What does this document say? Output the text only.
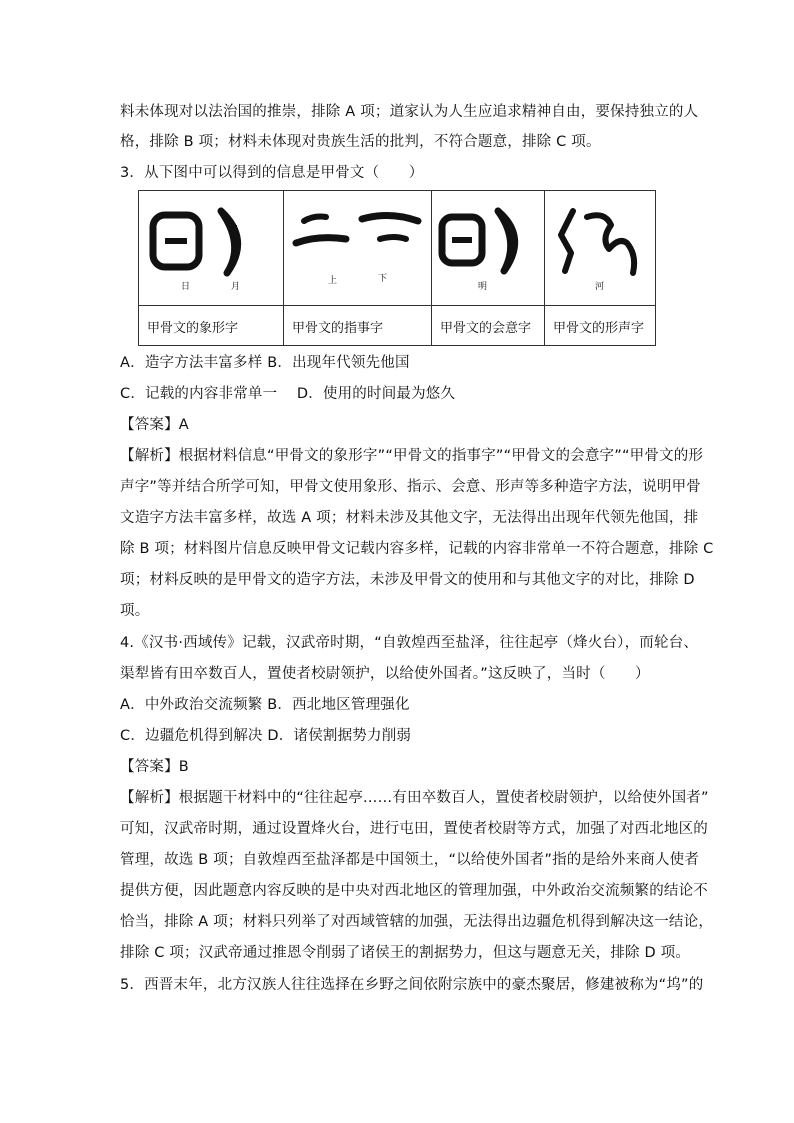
料未体现对以法治国的推崇，排除 A 项；道家认为人生应追求精神自由，要保持独立的人
格，排除 B 项；材料未体现对贵族生活的批判，不符合题意，排除 C 项。
3．从下图中可以得到的信息是甲骨文（　　）
日	月
甲骨文的象形字
上	下
甲骨文的指事字
明
甲骨文的会意字
河
甲骨文的形声字
A．造字方法丰富多样 B．出现年代领先他国
C．记载的内容非常单一　 D．使用的时间最为悠久
【答案】A
【解析】根据材料信息“甲骨文的象形字”“甲骨文的指事字”“甲骨文的会意字”“甲骨文的形
声字”等并结合所学可知，甲骨文使用象形、指示、会意、形声等多种造字方法，说明甲骨
文造字方法丰富多样，故选 A 项；材料未涉及其他文字，无法得出出现年代领先他国，排
除 B 项；材料图片信息反映甲骨文记载内容多样，记载的内容非常单一不符合题意，排除 C
项；材料反映的是甲骨文的造字方法，未涉及甲骨文的使用和与其他文字的对比，排除 D
项。
4.《汉书·西域传》记载，汉武帝时期，“自敦煌西至盐泽，往往起亭（烽火台），而轮台、
渠犁皆有田卒数百人，置使者校尉领护，以给使外国者。”这反映了，当时（　　）
A．中外政治交流频繁 B．西北地区管理强化
C．边疆危机得到解决 D．诸侯割据势力削弱
【答案】B
【解析】根据题干材料中的“往往起亭……有田卒数百人，置使者校尉领护，以给使外国者”
可知，汉武帝时期，通过设置烽火台，进行屯田，置使者校尉等方式，加强了对西北地区的
管理，故选 B 项；自敦煌西至盐泽都是中国领土，“以给使外国者”指的是给外来商人使者
提供方便，因此题意内容反映的是中央对西北地区的管理加强，中外政治交流频繁的结论不
恰当，排除 A 项；材料只列举了对西域管辖的加强，无法得出边疆危机得到解决这一结论，
排除 C 项；汉武帝通过推恩令削弱了诸侯王的割据势力，但这与题意无关，排除 D 项。
5．西晋末年，北方汉族人往往选择在乡野之间依附宗族中的豪杰聚居，修建被称为“坞”的
